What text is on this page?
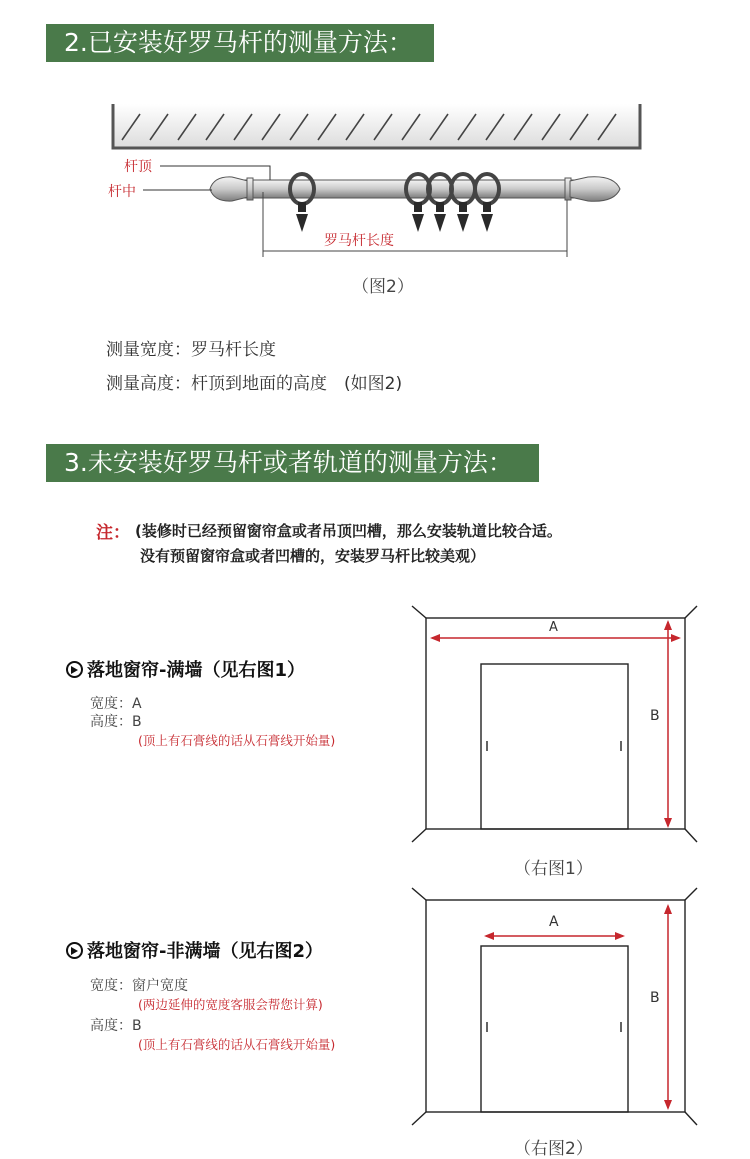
2.已安装好罗马杆的测量方法：
杆顶
杆中
罗马杆长度
（图2）
测量宽度：罗马杆长度
测量高度：杆顶到地面的高度　(如图2)
3.未安装好罗马杆或者轨道的测量方法：
注： (装修时已经预留窗帘盒或者吊顶凹槽，那么安装轨道比较合适。
没有预留窗帘盒或者凹槽的，安装罗马杆比较美观）
落地窗帘-满墙（见右图1）
宽度：A
高度：B
(顶上有石膏线的话从石膏线开始量)
A
B
（右图1）
落地窗帘-非满墙（见右图2）
宽度：窗户宽度
(两边延伸的宽度客服会帮您计算)
高度：B
(顶上有石膏线的话从石膏线开始量)
A
B
（右图2）
